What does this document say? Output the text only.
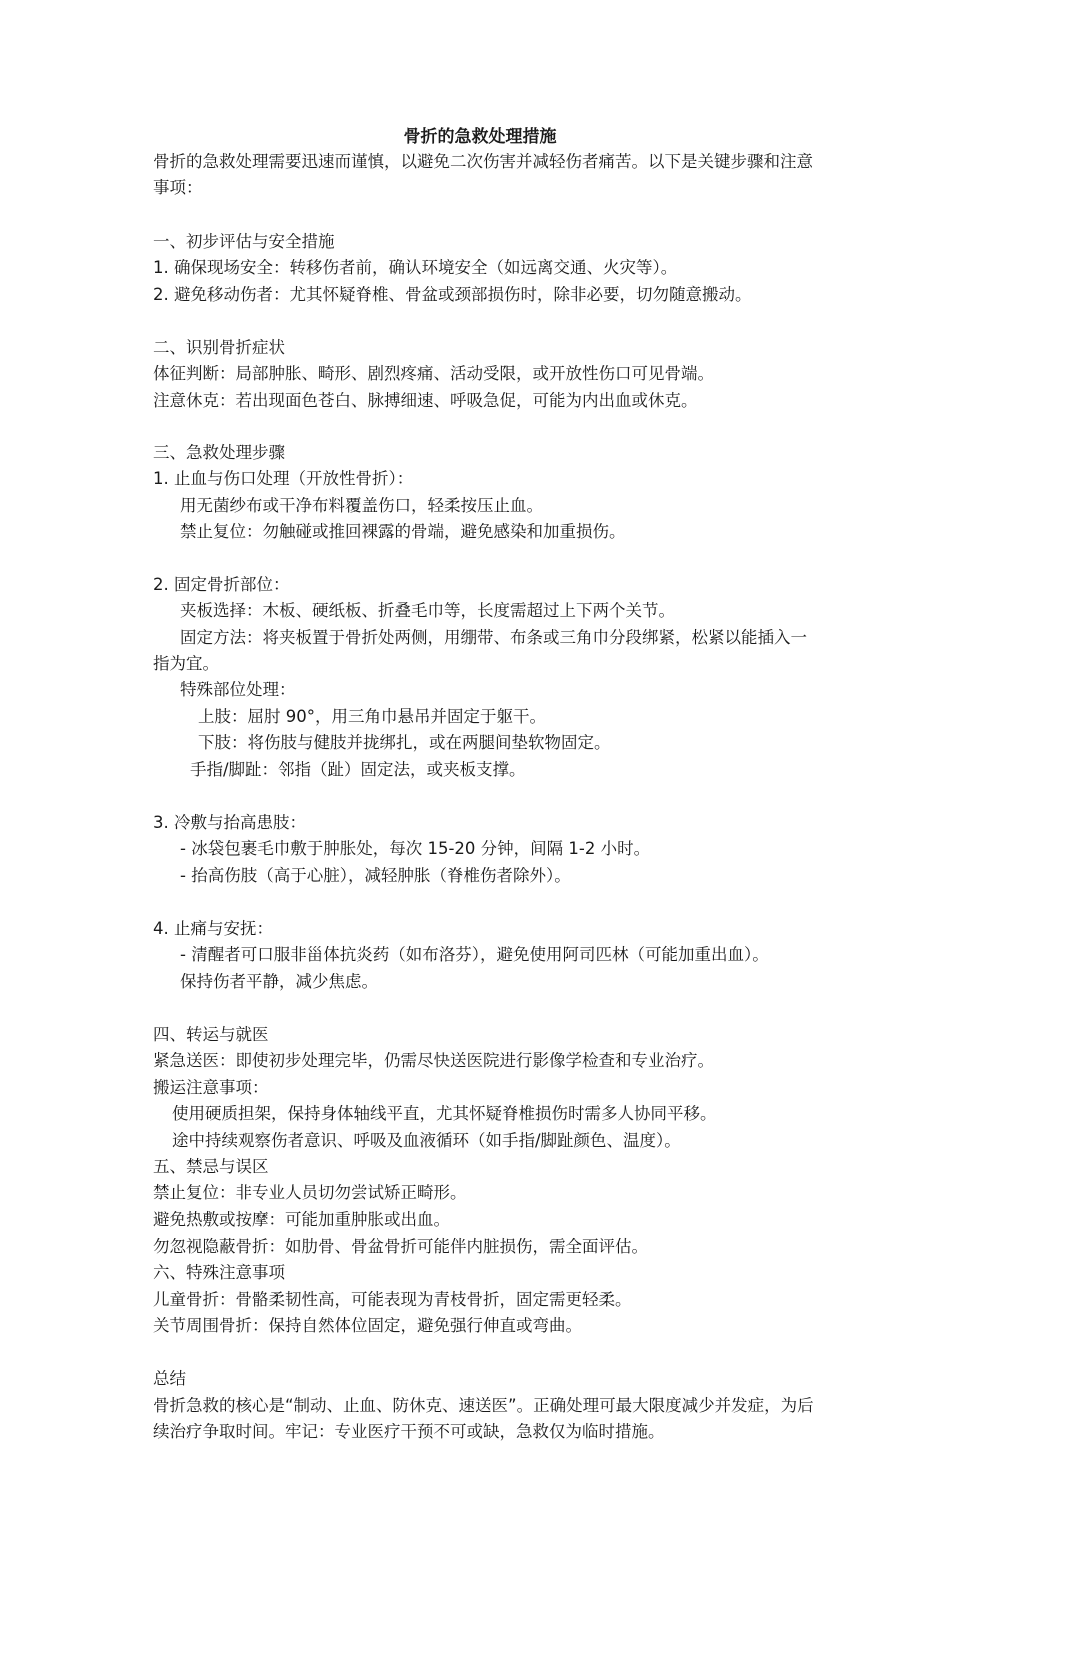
骨折的急救处理措施
骨折的急救处理需要迅速而谨慎，以避免二次伤害并减轻伤者痛苦。以下是关键步骤和注意
事项：
一、初步评估与安全措施
1. 确保现场安全：转移伤者前，确认环境安全（如远离交通、火灾等）。
2. 避免移动伤者：尤其怀疑脊椎、骨盆或颈部损伤时，除非必要，切勿随意搬动。
二、识别骨折症状
体征判断：局部肿胀、畸形、剧烈疼痛、活动受限，或开放性伤口可见骨端。
注意休克：若出现面色苍白、脉搏细速、呼吸急促，可能为内出血或休克。
三、急救处理步骤
1. 止血与伤口处理（开放性骨折）：
用无菌纱布或干净布料覆盖伤口，轻柔按压止血。
禁止复位：勿触碰或推回裸露的骨端，避免感染和加重损伤。
2. 固定骨折部位：
夹板选择：木板、硬纸板、折叠毛巾等，长度需超过上下两个关节。
固定方法：将夹板置于骨折处两侧，用绷带、布条或三角巾分段绑紧，松紧以能插入一
指为宜。
特殊部位处理：
上肢：屈肘 90°，用三角巾悬吊并固定于躯干。
下肢：将伤肢与健肢并拢绑扎，或在两腿间垫软物固定。
手指/脚趾：邻指（趾）固定法，或夹板支撑。
3. 冷敷与抬高患肢：
- 冰袋包裹毛巾敷于肿胀处，每次 15-20 分钟，间隔 1-2 小时。
- 抬高伤肢（高于心脏），减轻肿胀（脊椎伤者除外）。
4. 止痛与安抚：
- 清醒者可口服非甾体抗炎药（如布洛芬），避免使用阿司匹林（可能加重出血）。
保持伤者平静，减少焦虑。
四、转运与就医
紧急送医：即使初步处理完毕，仍需尽快送医院进行影像学检查和专业治疗。
搬运注意事项：
使用硬质担架，保持身体轴线平直，尤其怀疑脊椎损伤时需多人协同平移。
途中持续观察伤者意识、呼吸及血液循环（如手指/脚趾颜色、温度）。
五、禁忌与误区
禁止复位：非专业人员切勿尝试矫正畸形。
避免热敷或按摩：可能加重肿胀或出血。
勿忽视隐蔽骨折：如肋骨、骨盆骨折可能伴内脏损伤，需全面评估。
六、特殊注意事项
儿童骨折：骨骼柔韧性高，可能表现为青枝骨折，固定需更轻柔。
关节周围骨折：保持自然体位固定，避免强行伸直或弯曲。
总结
骨折急救的核心是“制动、止血、防休克、速送医”。正确处理可最大限度减少并发症，为后
续治疗争取时间。牢记：专业医疗干预不可或缺，急救仅为临时措施。
